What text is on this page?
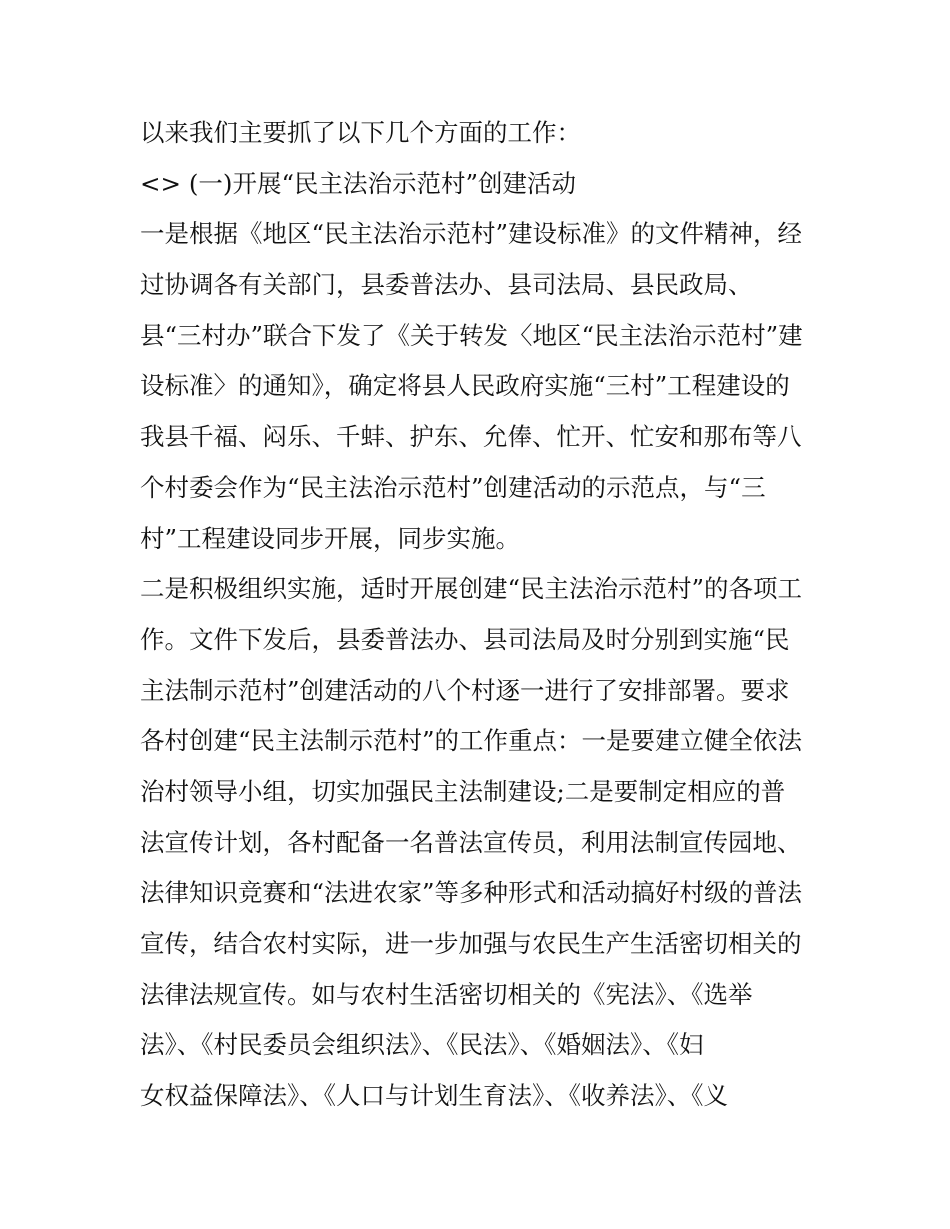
以来我们主要抓了以下几个方面的工作：
<> (一)开展“民主法治示范村”创建活动
一是根据《地区“民主法治示范村”建设标准》的文件精神，经
过协调各有关部门，县委普法办、县司法局、县民政局、
县“三村办”联合下发了《关于转发〈地区“民主法治示范村”建
设标准〉的通知》，确定将县人民政府实施“三村”工程建设的
我县千福、闷乐、千蚌、护东、允俸、忙开、忙安和那布等八
个村委会作为“民主法治示范村”创建活动的示范点，与“三
村”工程建设同步开展，同步实施。
二是积极组织实施，适时开展创建“民主法治示范村”的各项工
作。文件下发后，县委普法办、县司法局及时分别到实施“民
主法制示范村”创建活动的八个村逐一进行了安排部署。要求
各村创建“民主法制示范村”的工作重点：一是要建立健全依法
治村领导小组，切实加强民主法制建设;二是要制定相应的普
法宣传计划，各村配备一名普法宣传员，利用法制宣传园地、
法律知识竞赛和“法进农家”等多种形式和活动搞好村级的普法
宣传，结合农村实际，进一步加强与农民生产生活密切相关的
法律法规宣传。如与农村生活密切相关的《宪法》、《选举
法》、《村民委员会组织法》、《民法》、《婚姻法》、《妇
女权益保障法》、《人口与计划生育法》、《收养法》、《义
